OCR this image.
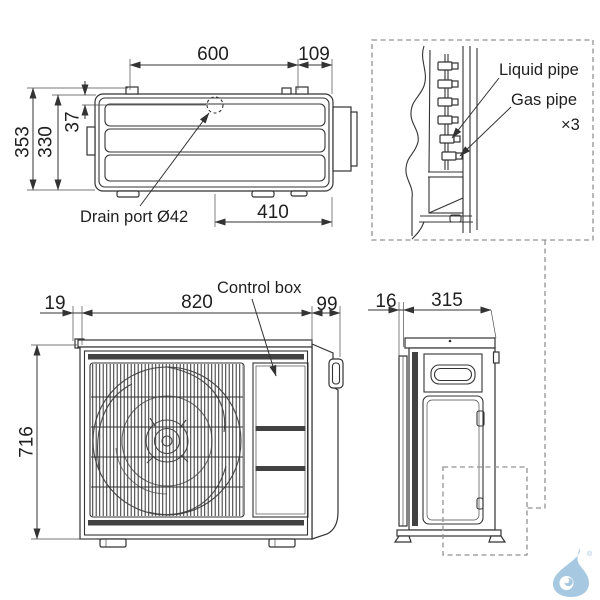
600	109
353 330
37
410
Drain port Ø42
Liquid pipe
Gas pipe
×3
19	820	99
716
Control box
16 315
®
